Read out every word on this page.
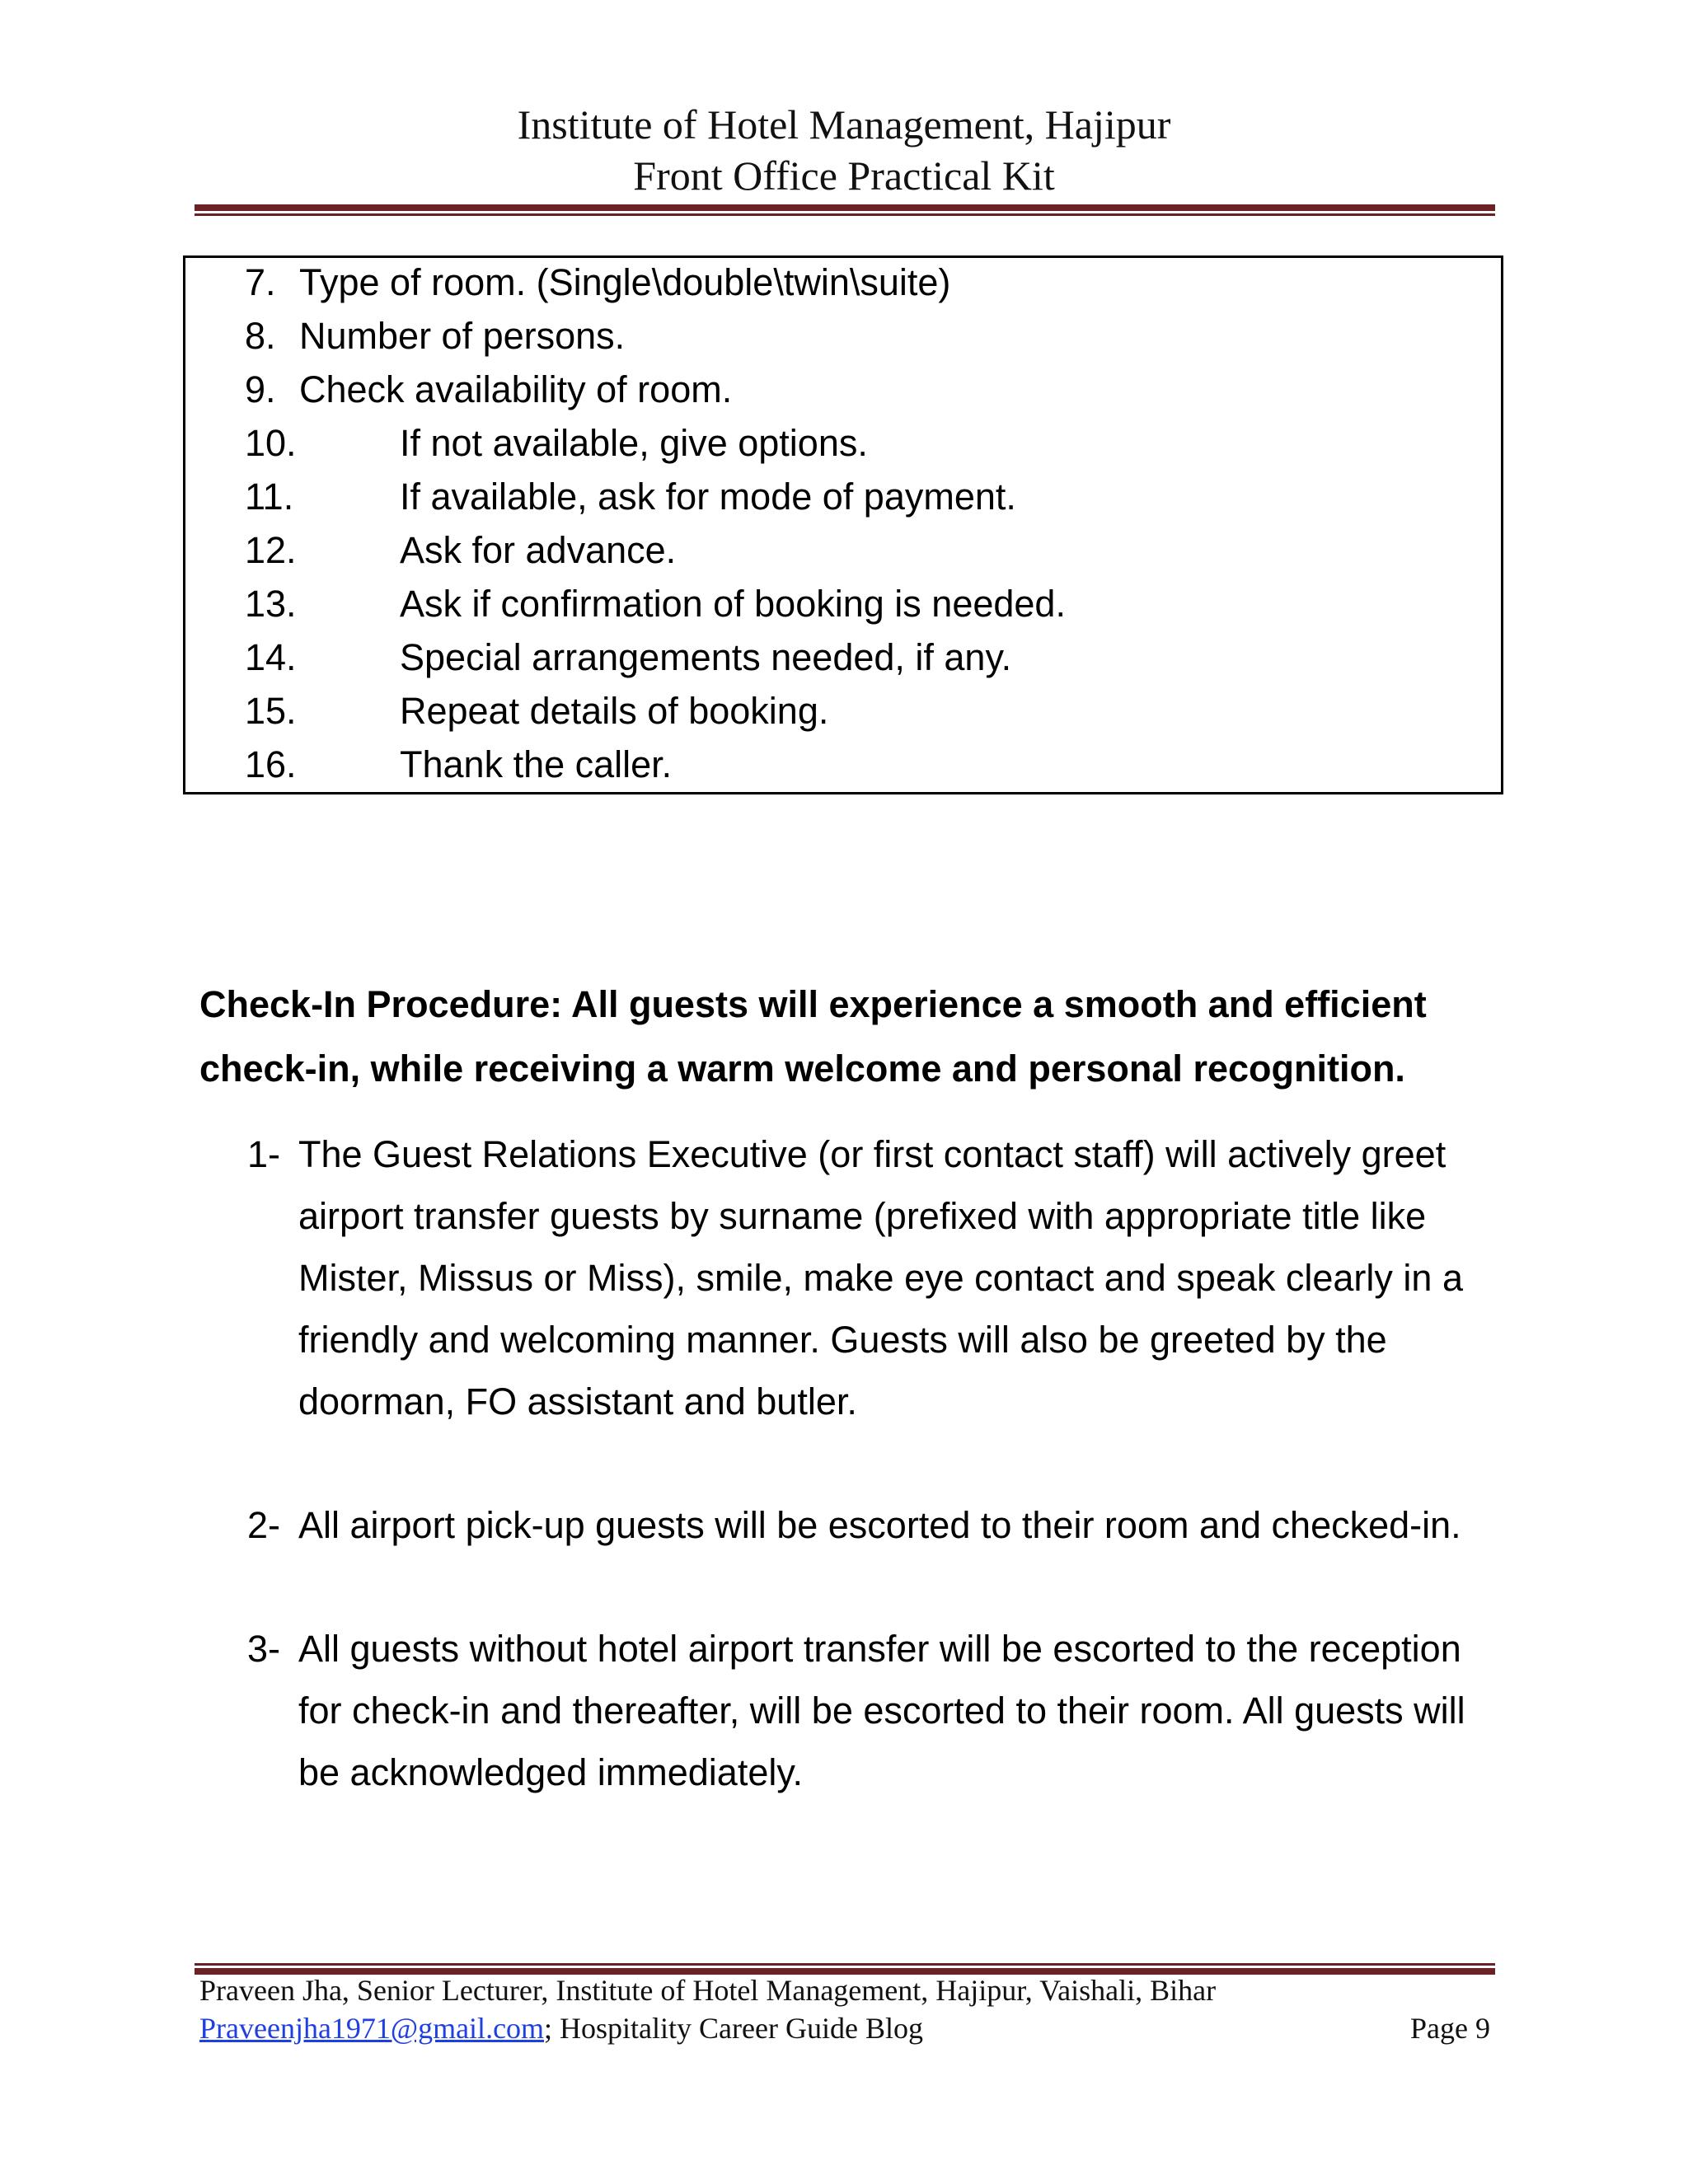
Institute of Hotel Management, Hajipur
Front Office Practical Kit
7. Type of room. (Single\double\twin\suite)
8. Number of persons.
9. Check availability of room.
10.	If not available, give options.
11.	If available, ask for mode of payment.
12.	Ask for advance.
13.	Ask if confirmation of booking is needed.
14.	Special arrangements needed, if any.
15.	Repeat details of booking.
16.	Thank the caller.
Check-In Procedure: All guests will experience a smooth and efficient check-in, while receiving a warm welcome and personal recognition.
1- The Guest Relations Executive (or first contact staff) will actively greet airport transfer guests by surname (prefixed with appropriate title like Mister, Missus or Miss), smile, make eye contact and speak clearly in a friendly and welcoming manner. Guests will also be greeted by the doorman, FO assistant and butler.
2- All airport pick-up guests will be escorted to their room and checked-in.
3- All guests without hotel airport transfer will be escorted to the reception for check-in and thereafter, will be escorted to their room. All guests will be acknowledged immediately.
Praveen Jha, Senior Lecturer, Institute of Hotel Management, Hajipur, Vaishali, Bihar
Praveenjha1971@gmail.com; Hospitality Career Guide Blog	Page 9
